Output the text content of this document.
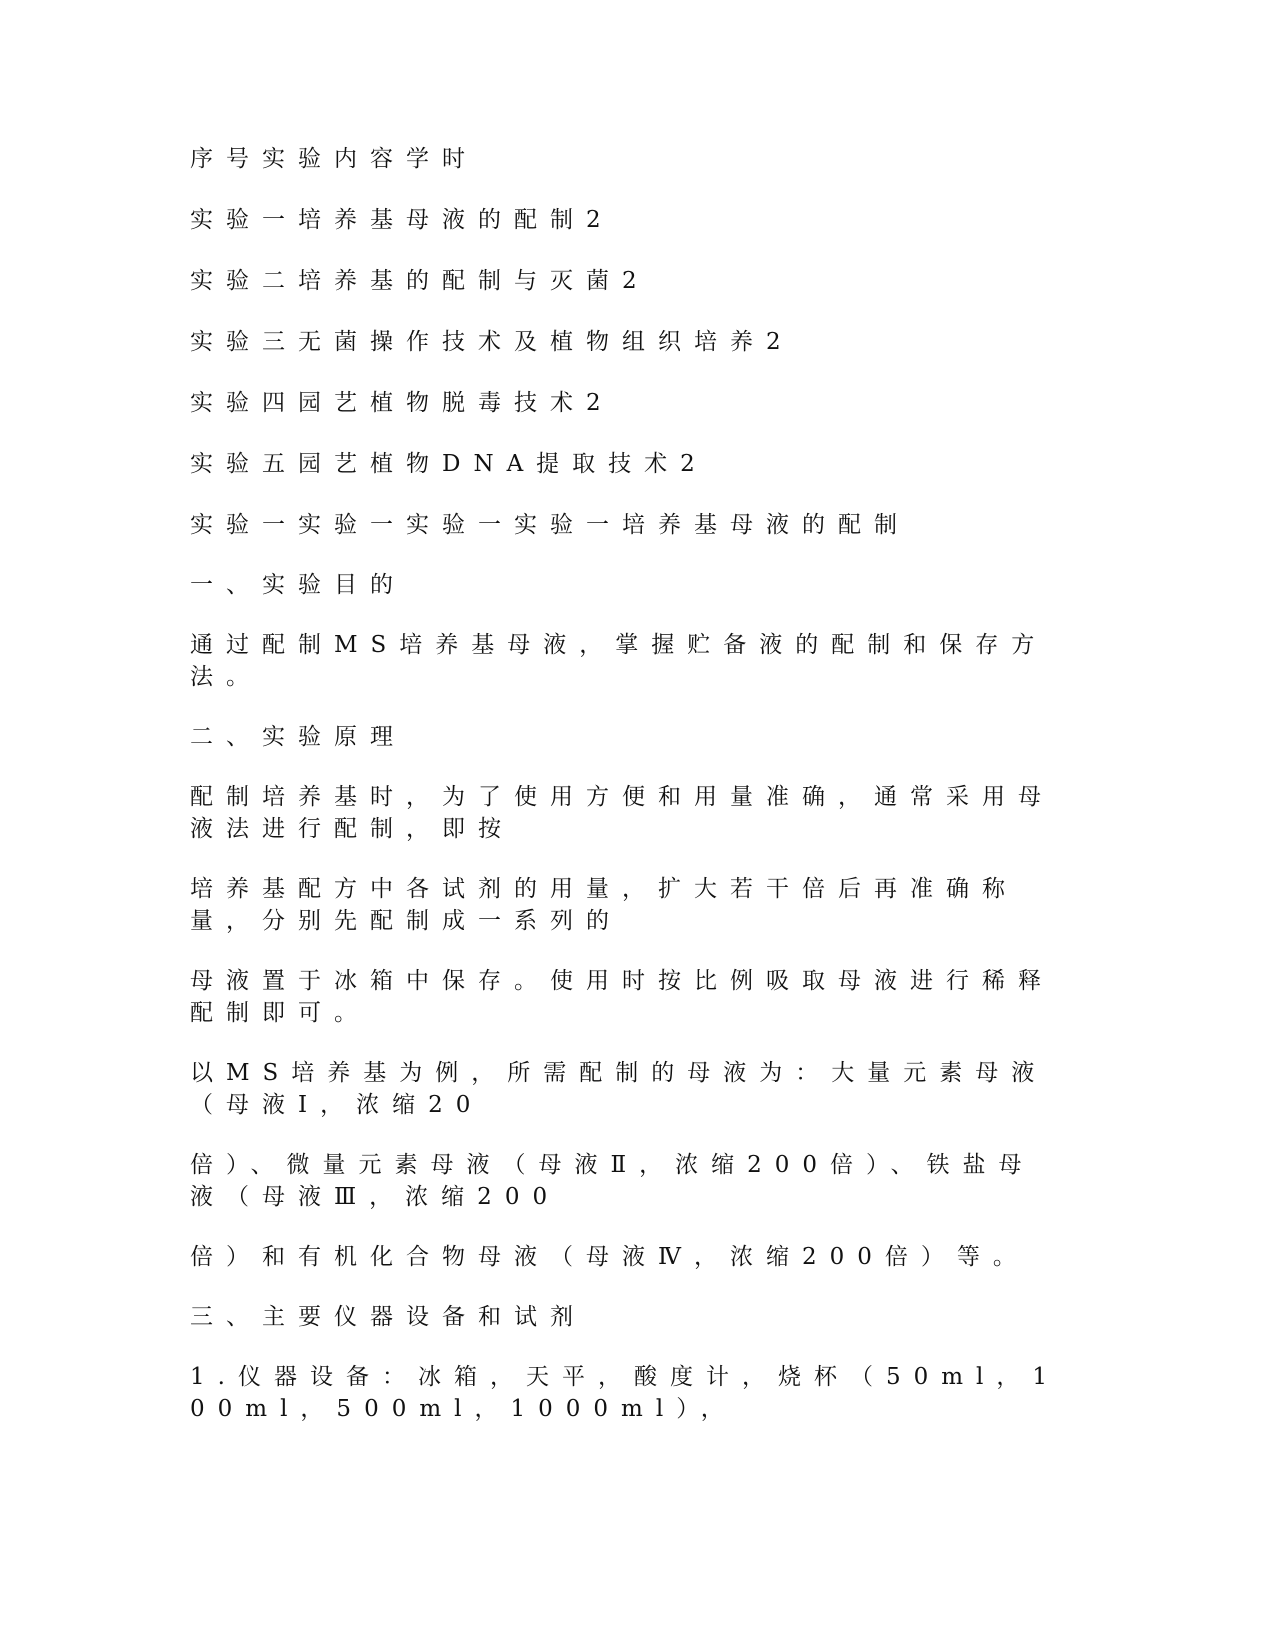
序号实验内容学时

实验一培养基母液的配制2

实验二培养基的配制与灭菌2

实验三无菌操作技术及植物组织培养2

实验四园艺植物脱毒技术2

实验五园艺植物DNA提取技术2

实验一实验一实验一实验一培养基母液的配制

一、实验目的

通过配制MS培养基母液，掌握贮备液的配制和保存方法。

二、实验原理

配制培养基时，为了使用方便和用量准确，通常采用母液法进行配制，即按

培养基配方中各试剂的用量，扩大若干倍后再准确称量，分别先配制成一系列的

母液置于冰箱中保存。使用时按比例吸取母液进行稀释配制即可。

以MS培养基为例，所需配制的母液为：大量元素母液（母液Ⅰ，浓缩20

倍）、微量元素母液（母液Ⅱ，浓缩200倍）、铁盐母液（母液Ⅲ，浓缩200

倍）和有机化合物母液（母液Ⅳ，浓缩200倍）等。

三、主要仪器设备和试剂

1.仪器设备：冰箱，天平，酸度计，烧杯（50ml，100ml，500ml，1000ml），
